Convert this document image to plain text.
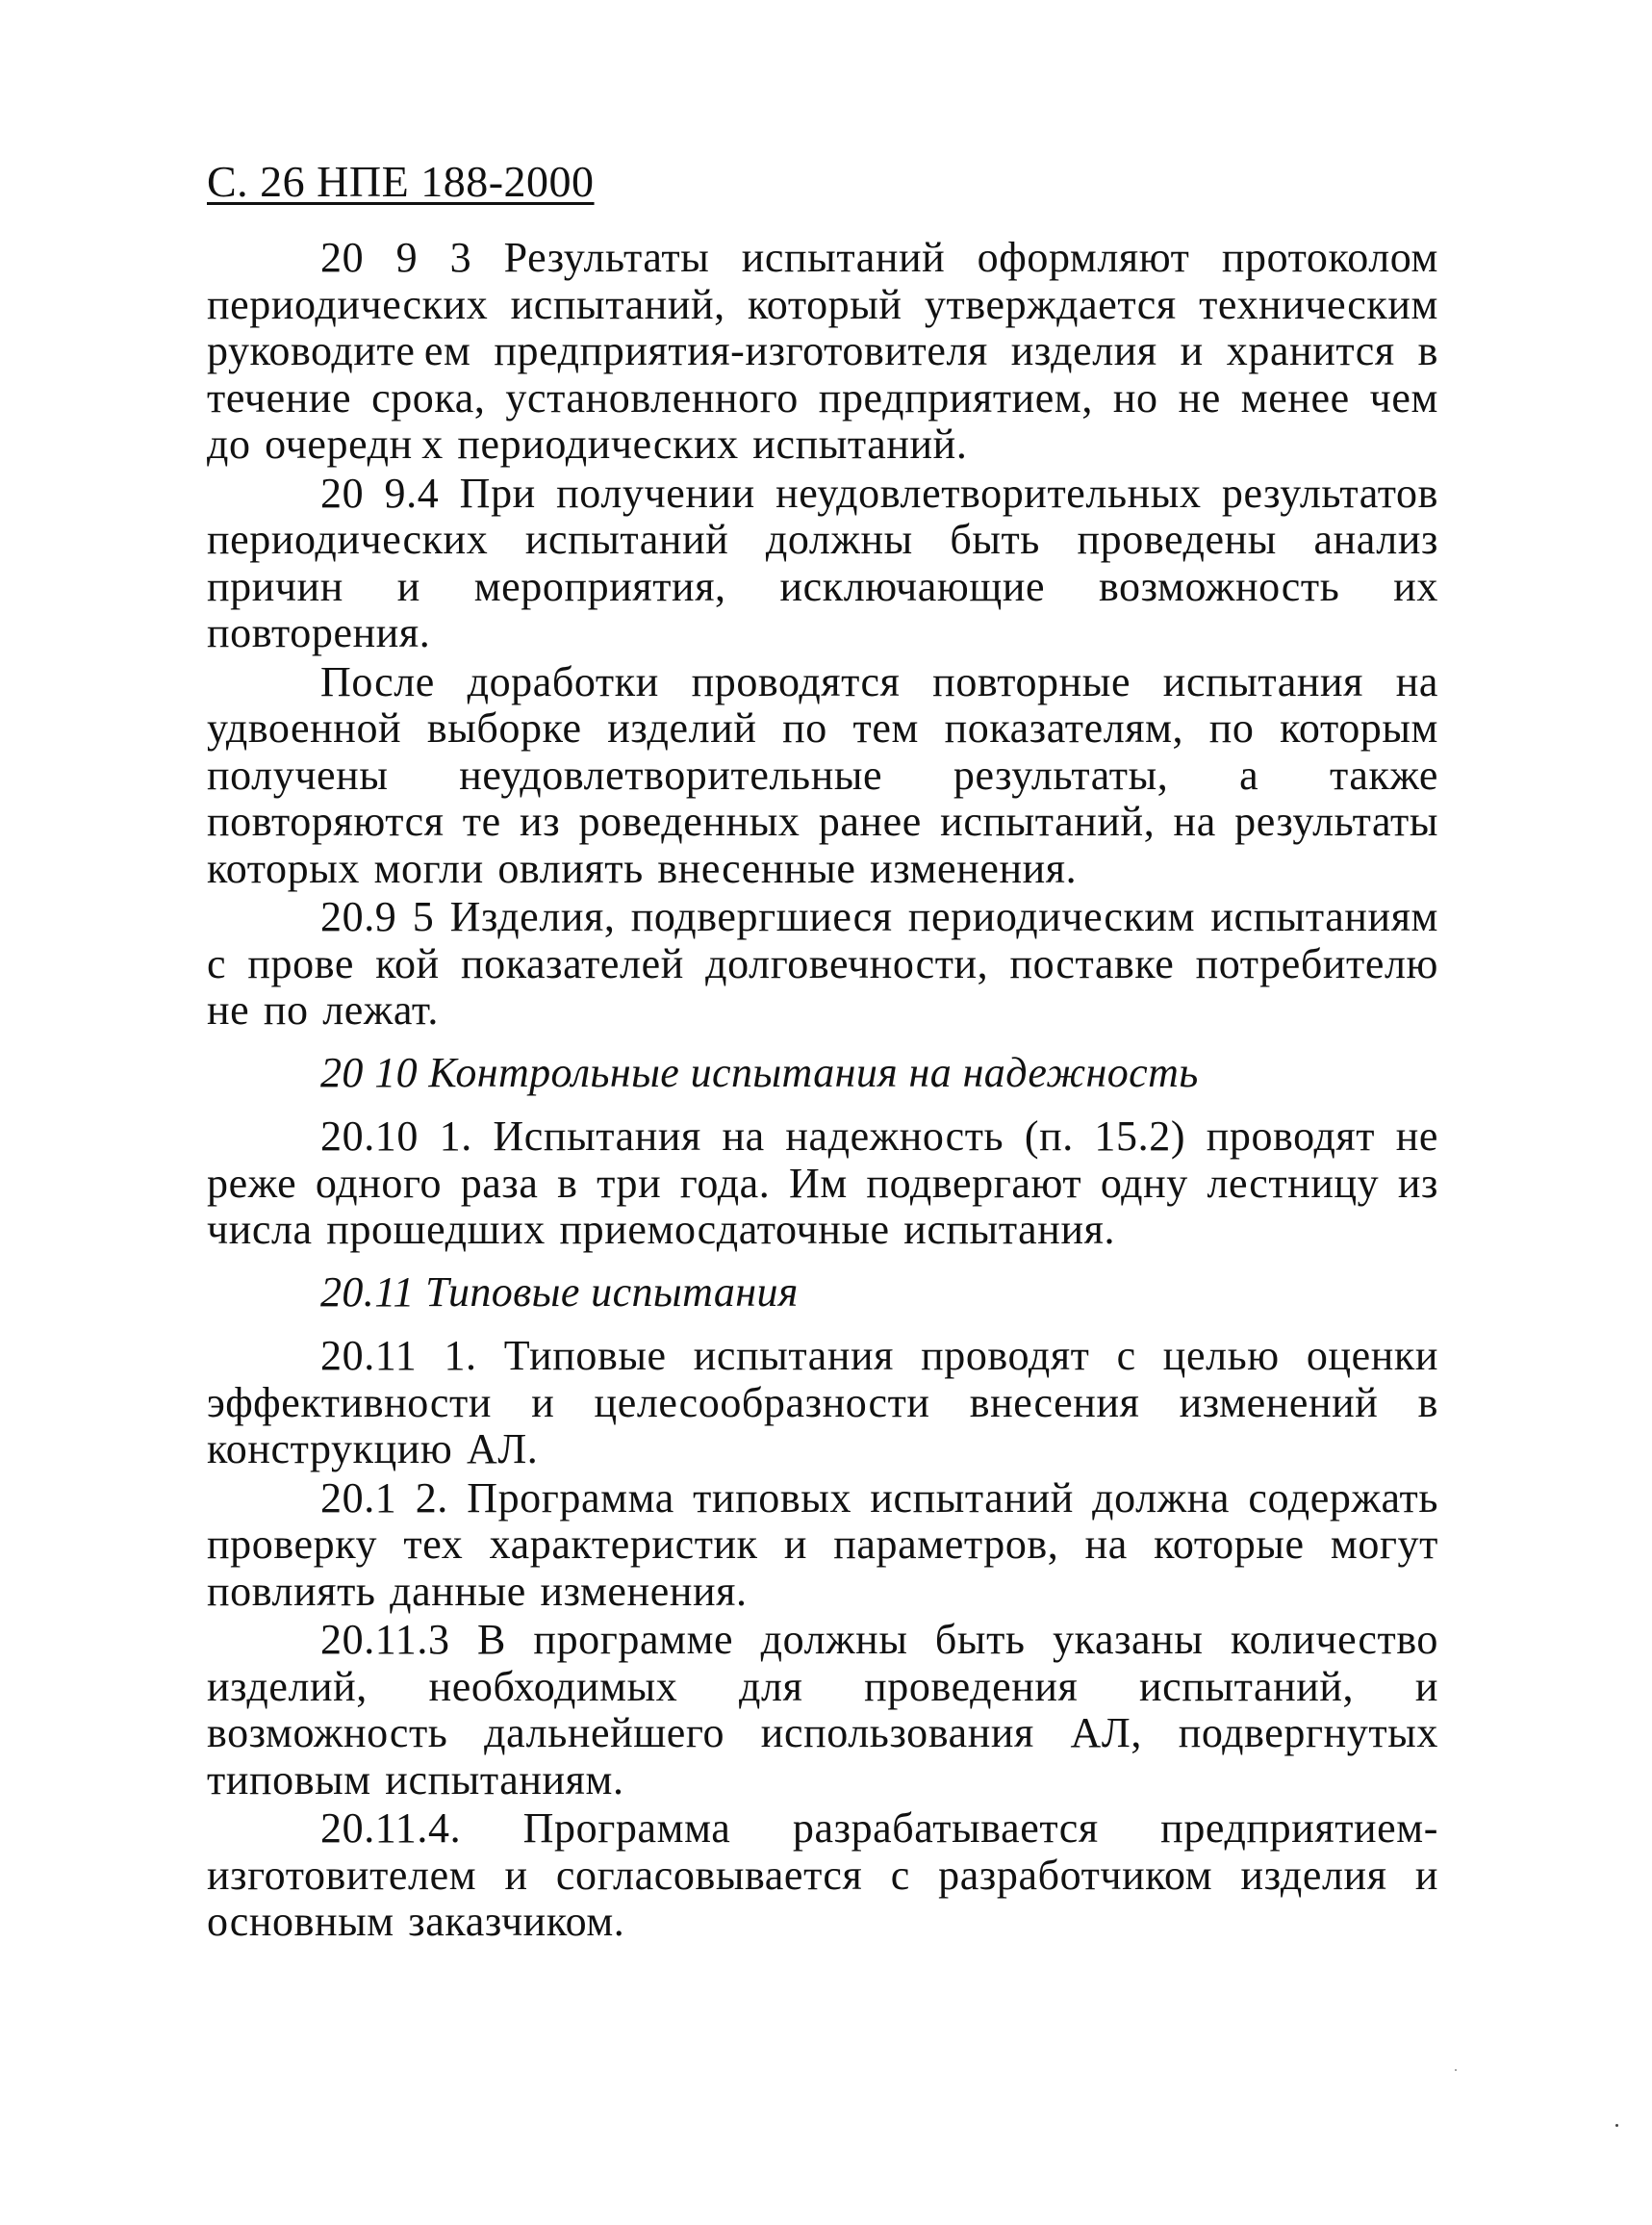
С. 26 НПЕ 188-2000

20 9 3 Результаты испытаний оформляют протоколом периодических испытаний, который утверждается техническим руководите ем предприятия-изготовителя изделия и хранится в течение срока, установленного предприятием, но не менее чем до очередн х периодических испытаний.

20 9.4 При получении неудовлетворительных результатов периодических испытаний должны быть проведены анализ причин и мероприятия, исключающие возможность их повторения.

После доработки проводятся повторные испытания на удвоенной выборке изделий по тем показателям, по которым получены неудовлетворительные результаты, а также повторяются те из роведенных ранее испытаний, на результаты которых могли овлиять внесенные изменения.

20.9 5 Изделия, подвергшиеся периодическим испытаниям с прове кой показателей долговечности, поставке потребителю не по лежат.

20 10 Контрольные испытания на надежность

20.10 1. Испытания на надежность (п. 15.2) проводят не реже одного раза в три года. Им подвергают одну лестницу из числа прошедших приемосдаточные испытания.

20.11 Типовые испытания

20.11 1. Типовые испытания проводят с целью оценки эффективности и целесообразности внесения изменений в конструкцию АЛ.

20.1 2. Программа типовых испытаний должна содержать проверку тех характеристик и параметров, на которые могут повлиять данные изменения.

20.11.3 В программе должны быть указаны количество изделий, необходимых для проведения испытаний, и возможность дальнейшего использования АЛ, подвергнутых типовым испытаниям.

20.11.4. Программа разрабатывается предприятием-изготовителем и согласовывается с разработчиком изделия и основным заказчиком.
